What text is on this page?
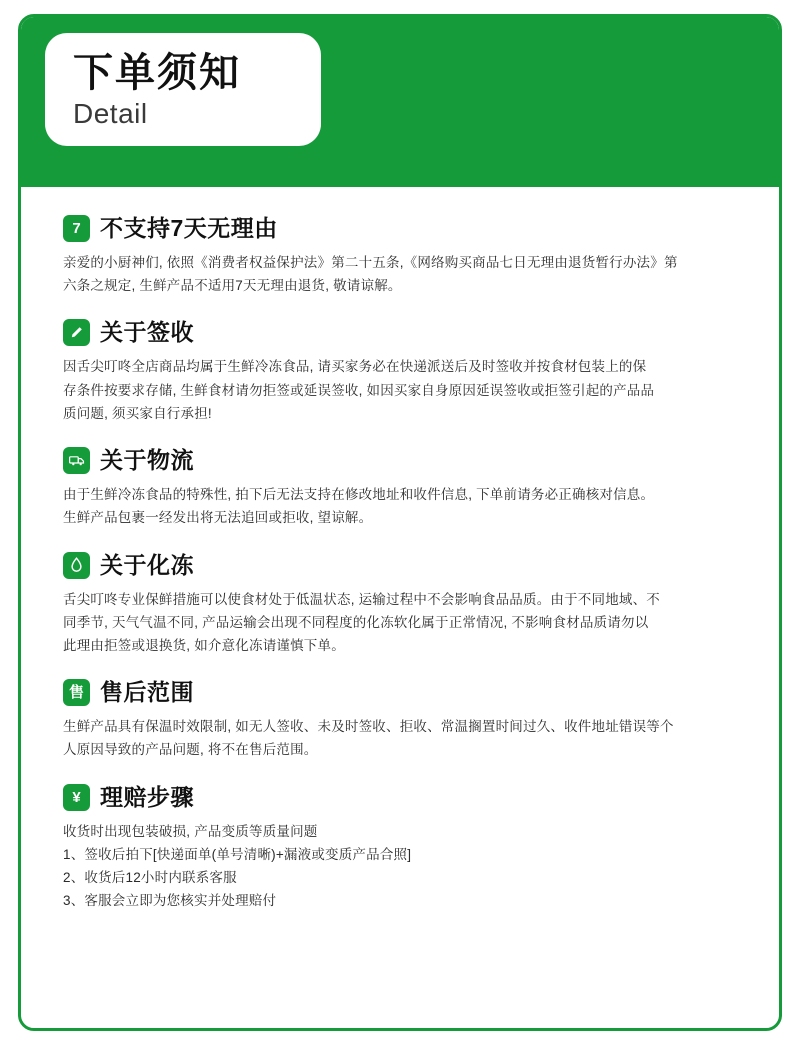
下单须知
Detail
7 不支持7天无理由
亲爱的小厨神们, 依照《消费者权益保护法》第二十五条,《网络购买商品七日无理由退货暂行办法》第
六条之规定, 生鲜产品不适用7天无理由退货, 敬请谅解。
关于签收
因舌尖叮咚全店商品均属于生鲜冷冻食品, 请买家务必在快递派送后及时签收并按食材包装上的保
存条件按要求存储, 生鲜食材请勿拒签或延误签收, 如因买家自身原因延误签收或拒签引起的产品品
质问题, 须买家自行承担!
关于物流
由于生鲜冷冻食品的特殊性, 拍下后无法支持在修改地址和收件信息, 下单前请务必正确核对信息。
生鲜产品包裹一经发出将无法追回或拒收, 望谅解。
关于化冻
舌尖叮咚专业保鲜措施可以使食材处于低温状态, 运输过程中不会影响食品品质。由于不同地域、不
同季节, 天气气温不同, 产品运输会出现不同程度的化冻软化属于正常情况, 不影响食材品质请勿以
此理由拒签或退换货, 如介意化冻请谨慎下单。
售 售后范围
生鲜产品具有保温时效限制, 如无人签收、未及时签收、拒收、常温搁置时间过久、收件地址错误等个
人原因导致的产品问题, 将不在售后范围。
¥ 理赔步骤
收货时出现包装破损, 产品变质等质量问题
1、签收后拍下[快递面单(单号清晰)+漏液或变质产品合照]
2、收货后12小时内联系客服
3、客服会立即为您核实并处理赔付
